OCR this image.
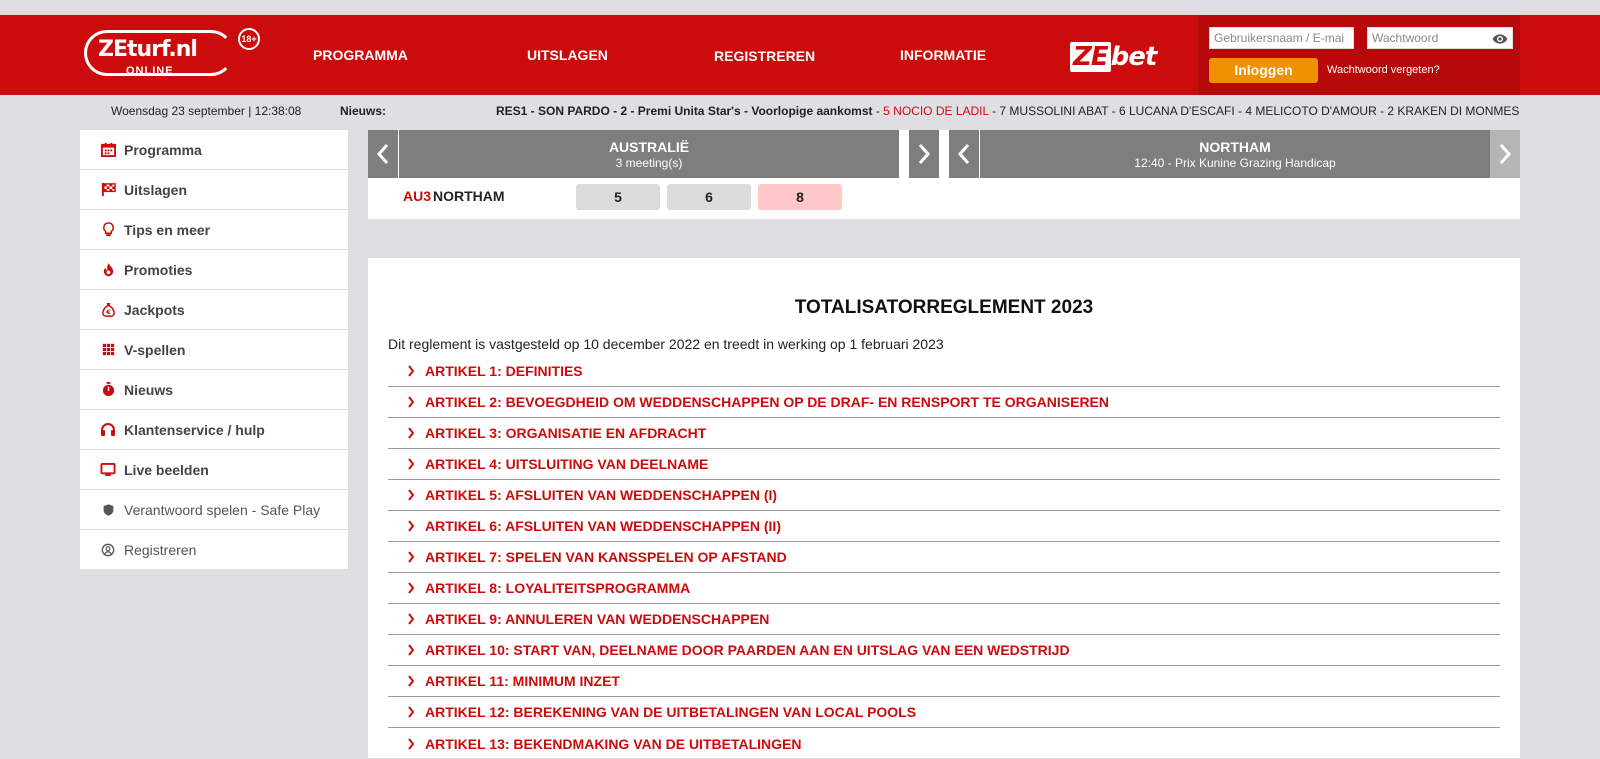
ZEturf.nl
ONLINE
18+
PROGRAMMA	UITSLAGEN	REGISTREREN	INFORMATIE	ZE bet
Gebruikersnaam / E-mai	Wachtwoord
Inloggen	Wachtwoord vergeten?
Woensdag 23 september | 12:38:08	Nieuws:	RES1 - SON PARDO - 2 - Premi Unita Star's - Voorlopige aankomst - 5 NOCIO DE LADIL - 7 MUSSOLINI ABAT - 6 LUCANA D'ESCAFI - 4 MELICOTO D'AMOUR - 2 KRAKEN DI MONMES
Programma
Uitslagen
Tips en meer
Promoties
€ Jackpots
V-spellen
Nieuws
Klantenservice / hulp
Live beelden
Verantwoord spelen - Safe Play
Registreren
AUSTRALIË
3 meeting(s)
NORTHAM
12:40 - Prix Kunine Grazing Handicap
AU3 NORTHAM	5	6	8
TOTALISATORREGLEMENT 2023

Dit reglement is vastgesteld op 10 december 2022 en treedt in werking op 1 februari 2023

ARTIKEL 1: DEFINITIES
ARTIKEL 2: BEVOEGDHEID OM WEDDENSCHAPPEN OP DE DRAF- EN RENSPORT TE ORGANISEREN
ARTIKEL 3: ORGANISATIE EN AFDRACHT
ARTIKEL 4: UITSLUITING VAN DEELNAME
ARTIKEL 5: AFSLUITEN VAN WEDDENSCHAPPEN (I)
ARTIKEL 6: AFSLUITEN VAN WEDDENSCHAPPEN (II)
ARTIKEL 7: SPELEN VAN KANSSPELEN OP AFSTAND
ARTIKEL 8: LOYALITEITSPROGRAMMA
ARTIKEL 9: ANNULEREN VAN WEDDENSCHAPPEN
ARTIKEL 10: START VAN, DEELNAME DOOR PAARDEN AAN EN UITSLAG VAN EEN WEDSTRIJD
ARTIKEL 11: MINIMUM INZET
ARTIKEL 12: BEREKENING VAN DE UITBETALINGEN VAN LOCAL POOLS
ARTIKEL 13: BEKENDMAKING VAN DE UITBETALINGEN
